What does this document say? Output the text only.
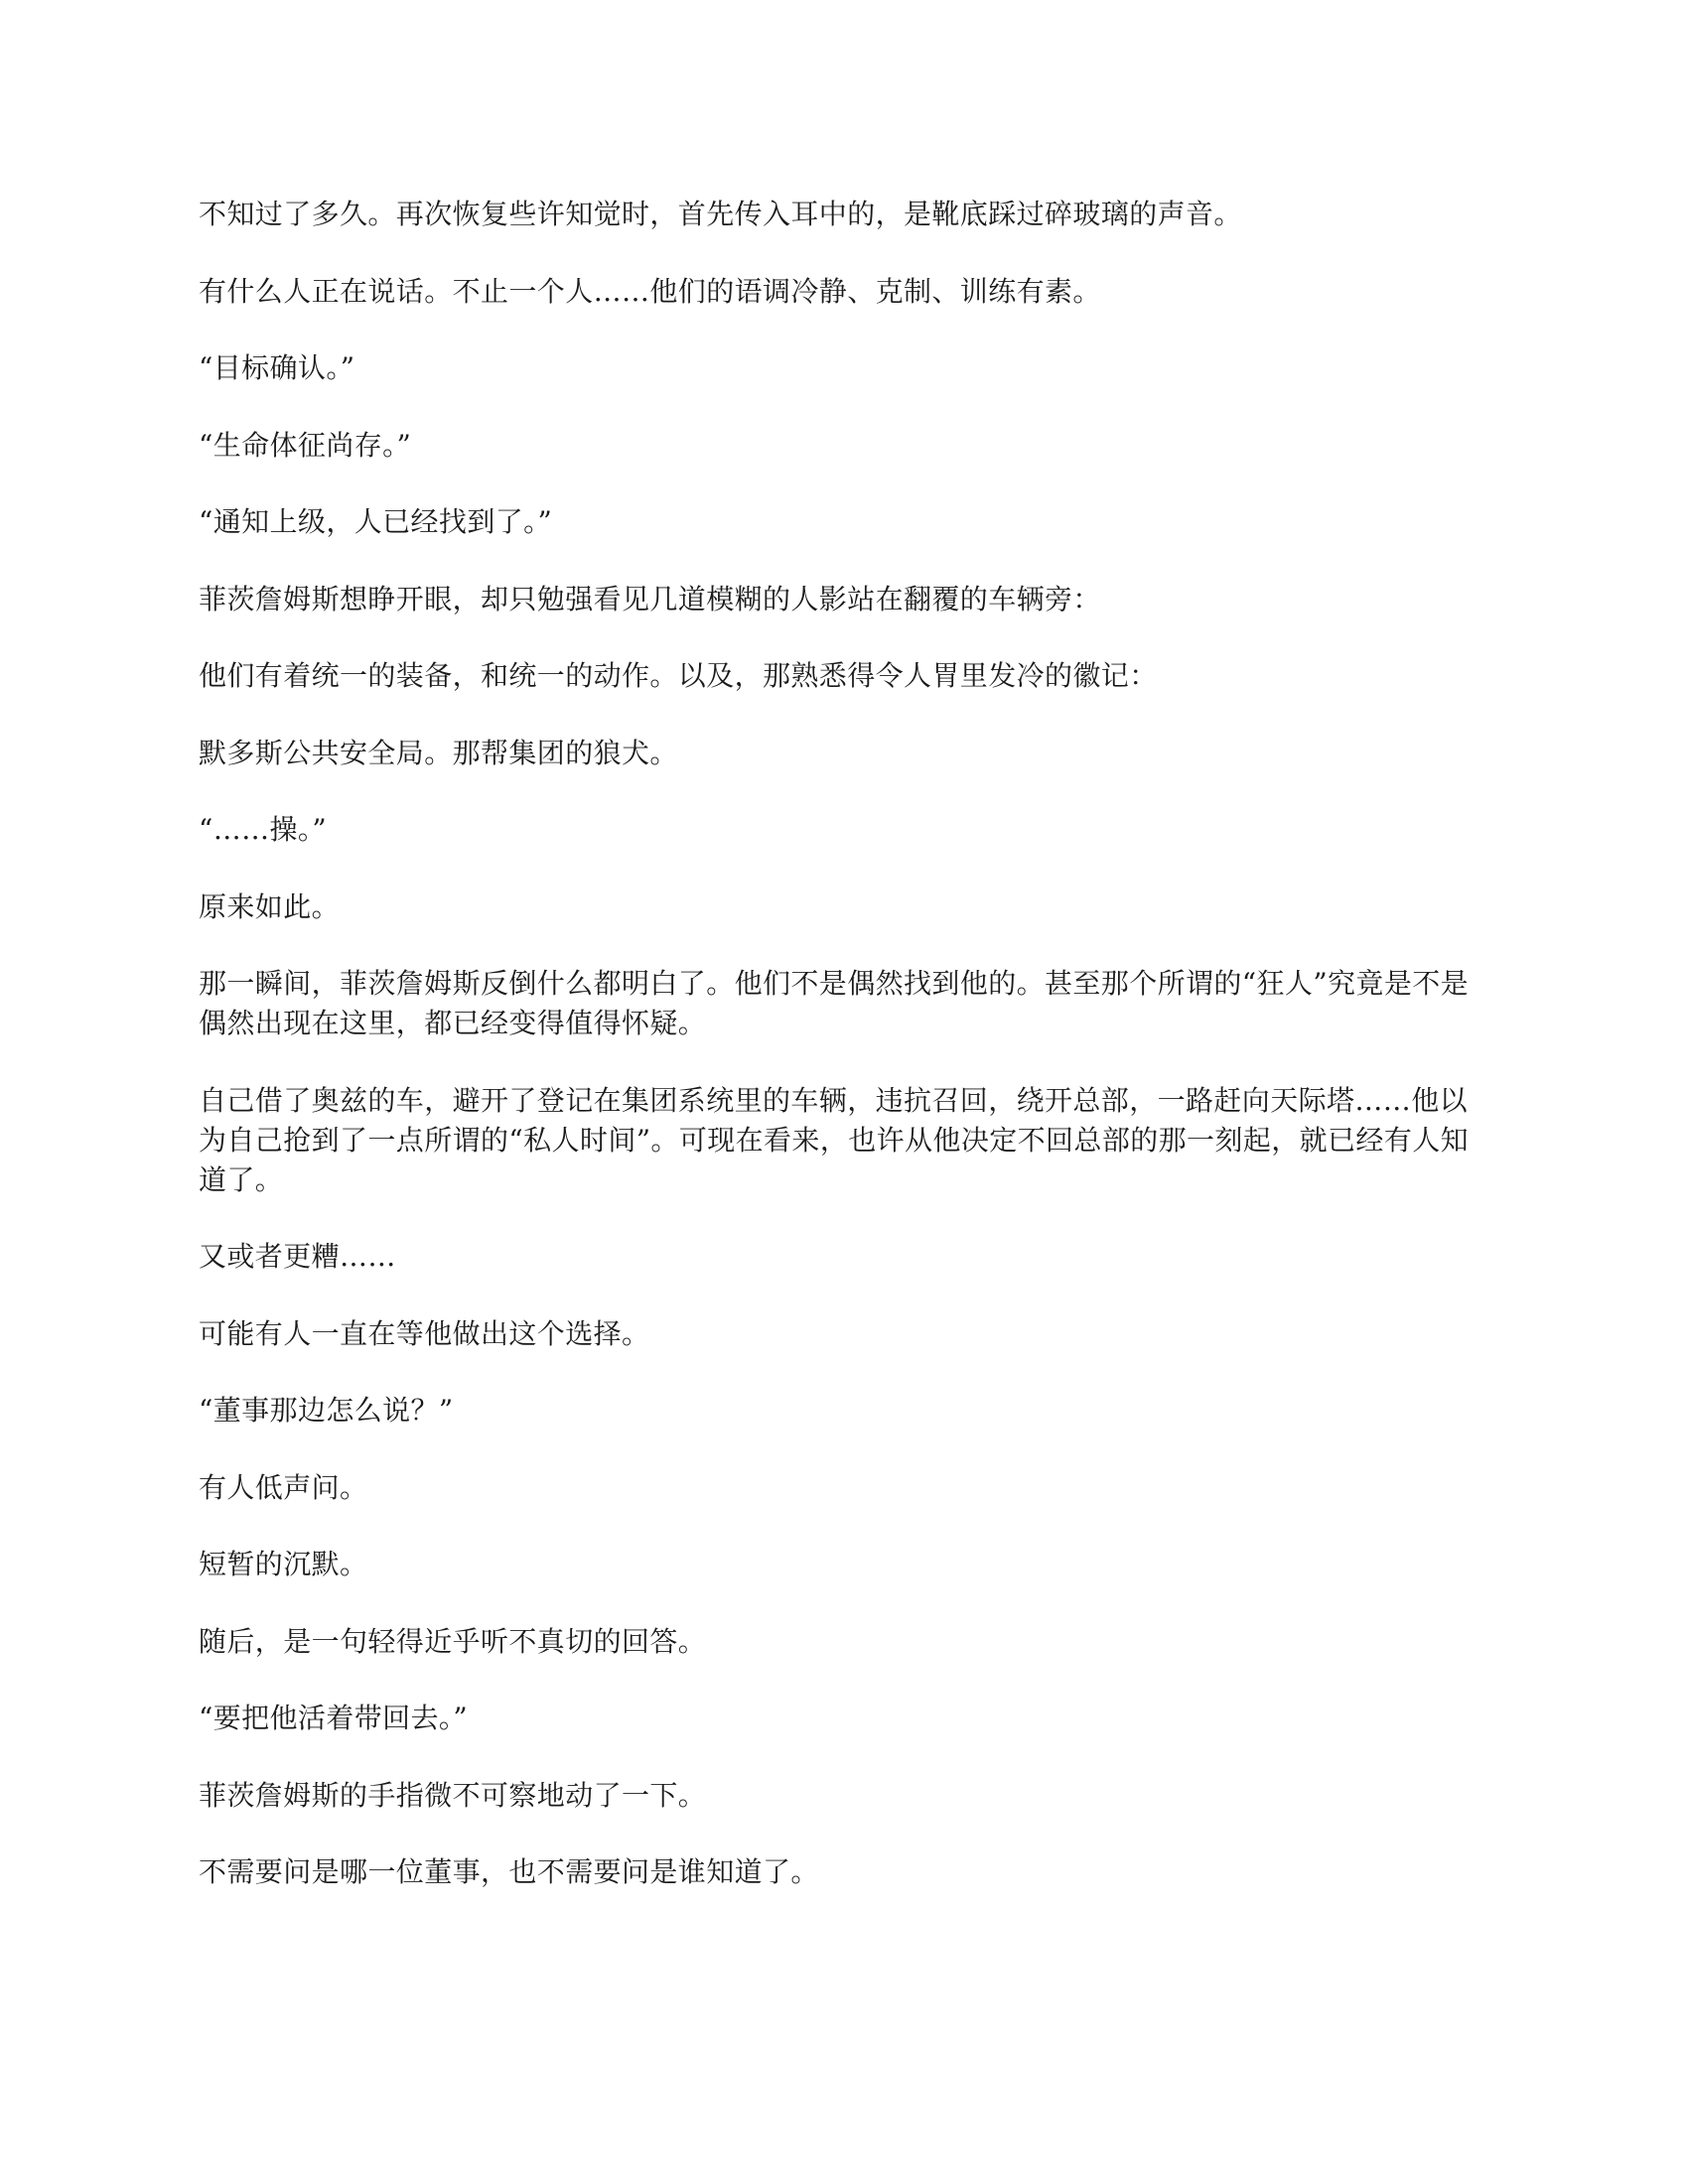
不知过了多久。再次恢复些许知觉时，首先传入耳中的，是靴底踩过碎玻璃的声音。

有什么人正在说话。不止一个人……他们的语调冷静、克制、训练有素。

“目标确认。”

“生命体征尚存。”

“通知上级，人已经找到了。”

菲茨詹姆斯想睁开眼，却只勉强看见几道模糊的人影站在翻覆的车辆旁：

他们有着统一的装备，和统一的动作。以及，那熟悉得令人胃里发冷的徽记：

默多斯公共安全局。那帮集团的狼犬。

“……操。”

原来如此。

那一瞬间，菲茨詹姆斯反倒什么都明白了。他们不是偶然找到他的。甚至那个所谓的“狂人”究竟是不是偶然出现在这里，都已经变得值得怀疑。

自己借了奥兹的车，避开了登记在集团系统里的车辆，违抗召回，绕开总部，一路赶向天际塔……他以为自己抢到了一点所谓的“私人时间”。可现在看来，也许从他决定不回总部的那一刻起，就已经有人知道了。

又或者更糟……

可能有人一直在等他做出这个选择。

“董事那边怎么说？”

有人低声问。

短暂的沉默。

随后，是一句轻得近乎听不真切的回答。

“要把他活着带回去。”

菲茨詹姆斯的手指微不可察地动了一下。

不需要问是哪一位董事，也不需要问是谁知道了。
